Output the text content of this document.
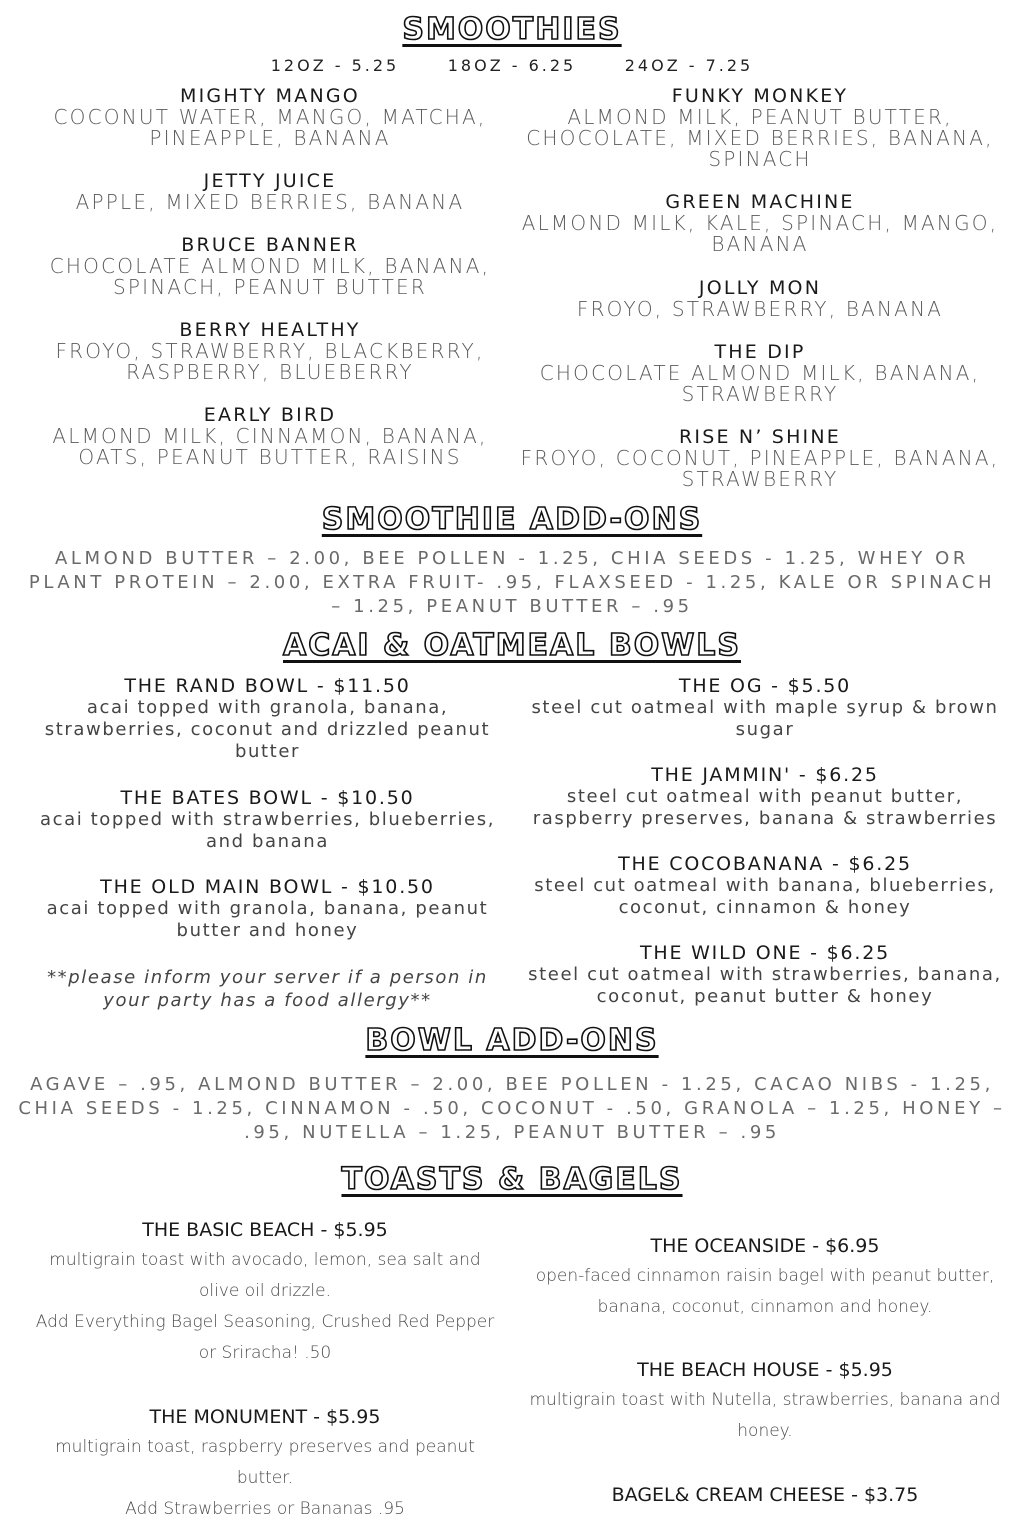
SMOOTHIES
12OZ - 5.25      18OZ - 6.25      24OZ - 7.25
MIGHTY MANGO
COCONUT WATER, MANGO, MATCHA, PINEAPPLE, BANANA
JETTY JUICE
APPLE, MIXED BERRIES, BANANA
BRUCE BANNER
CHOCOLATE ALMOND MILK, BANANA, SPINACH, PEANUT BUTTER
BERRY HEALTHY
FROYO, STRAWBERRY, BLACKBERRY, RASPBERRY, BLUEBERRY
EARLY BIRD
ALMOND MILK, CINNAMON, BANANA, OATS, PEANUT BUTTER, RAISINS
FUNKY MONKEY
ALMOND MILK, PEANUT BUTTER, CHOCOLATE, MIXED BERRIES, BANANA, SPINACH
GREEN MACHINE
ALMOND MILK, KALE, SPINACH, MANGO, BANANA
JOLLY MON
FROYO, STRAWBERRY, BANANA
THE DIP
CHOCOLATE ALMOND MILK, BANANA, STRAWBERRY
RISE N’ SHINE
FROYO, COCONUT, PINEAPPLE, BANANA, STRAWBERRY
SMOOTHIE ADD-ONS
ALMOND BUTTER – 2.00, BEE POLLEN - 1.25, CHIA SEEDS - 1.25, WHEY OR PLANT PROTEIN – 2.00, EXTRA FRUIT- .95, FLAXSEED - 1.25, KALE OR SPINACH – 1.25, PEANUT BUTTER – .95
ACAI & OATMEAL BOWLS
THE RAND BOWL - $11.50
acai topped with granola, banana, strawberries, coconut and drizzled peanut butter
THE BATES BOWL - $10.50
acai topped with strawberries, blueberries, and banana
THE OLD MAIN BOWL - $10.50
acai topped with granola, banana, peanut butter and honey
**please inform your server if a person in your party has a food allergy**
THE OG - $5.50
steel cut oatmeal with maple syrup & brown sugar
THE JAMMIN' - $6.25
steel cut oatmeal with peanut butter, raspberry preserves, banana & strawberries
THE COCOBANANA - $6.25
steel cut oatmeal with banana, blueberries, coconut, cinnamon & honey
THE WILD ONE - $6.25
steel cut oatmeal with strawberries, banana, coconut, peanut butter & honey
BOWL ADD-ONS
AGAVE – .95, ALMOND BUTTER – 2.00, BEE POLLEN - 1.25, CACAO NIBS - 1.25, CHIA SEEDS - 1.25, CINNAMON - .50, COCONUT - .50, GRANOLA – 1.25, HONEY – .95, NUTELLA – 1.25, PEANUT BUTTER – .95
TOASTS & BAGELS
THE BASIC BEACH - $5.95
multigrain toast with avocado, lemon, sea salt and olive oil drizzle.
Add Everything Bagel Seasoning, Crushed Red Pepper or Sriracha! .50
THE MONUMENT - $5.95
multigrain toast, raspberry preserves and peanut butter.
Add Strawberries or Bananas .95
THE OCEANSIDE - $6.95
open-faced cinnamon raisin bagel with peanut butter, banana, coconut, cinnamon and honey.
THE BEACH HOUSE - $5.95
multigrain toast with Nutella, strawberries, banana and honey.
BAGEL& CREAM CHEESE - $3.75
